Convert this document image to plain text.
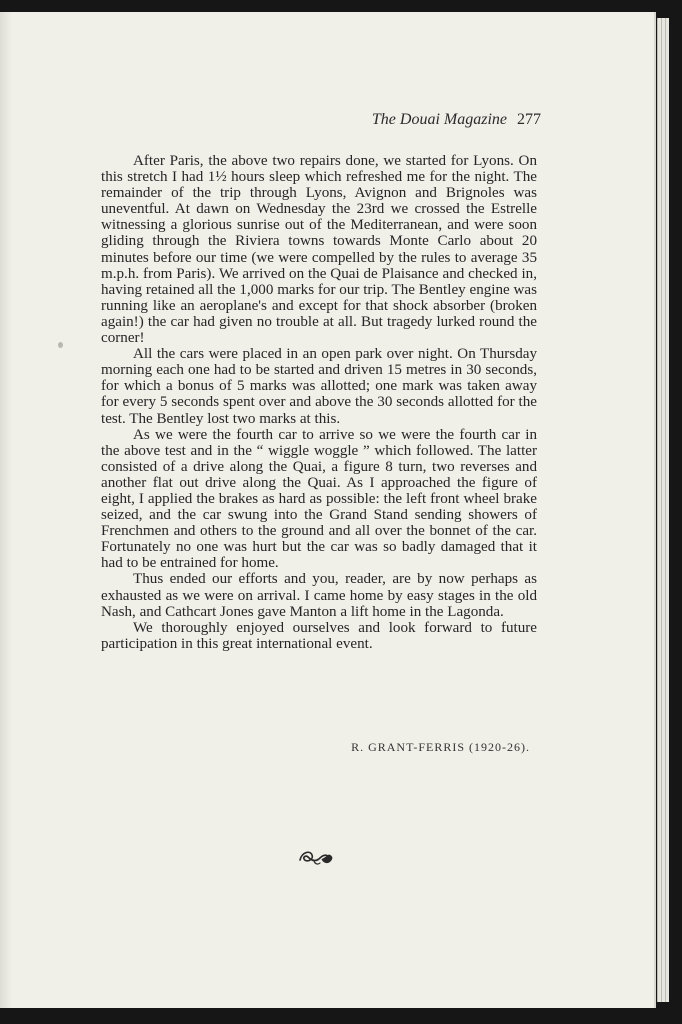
The Douai Magazine 277

After Paris, the above two repairs done, we started for Lyons. On this stretch I had 1½ hours sleep which refreshed me for the night. The remainder of the trip through Lyons, Avignon and Brignoles was uneventful. At dawn on Wednesday the 23rd we crossed the Estrelle witnessing a glorious sunrise out of the Mediterranean, and were soon gliding through the Riviera towns towards Monte Carlo about 20 minutes before our time (we were compelled by the rules to average 35 m.p.h. from Paris). We arrived on the Quai de Plaisance and checked in, having retained all the 1,000 marks for our trip. The Bentley engine was running like an aeroplane's and except for that shock absorber (broken again!) the car had given no trouble at all. But tragedy lurked round the corner!

All the cars were placed in an open park over night. On Thursday morning each one had to be started and driven 15 metres in 30 seconds, for which a bonus of 5 marks was allotted; one mark was taken away for every 5 seconds spent over and above the 30 seconds allotted for the test. The Bentley lost two marks at this.

As we were the fourth car to arrive so we were the fourth car in the above test and in the “ wiggle woggle ” which followed. The latter consisted of a drive along the Quai, a figure 8 turn, two reverses and another flat out drive along the Quai. As I approached the figure of eight, I applied the brakes as hard as possible: the left front wheel brake seized, and the car swung into the Grand Stand sending showers of Frenchmen and others to the ground and all over the bonnet of the car. Fortunately no one was hurt but the car was so badly damaged that it had to be entrained for home.

Thus ended our efforts and you, reader, are by now perhaps as exhausted as we were on arrival. I came home by easy stages in the old Nash, and Cathcart Jones gave Manton a lift home in the Lagonda.

We thoroughly enjoyed ourselves and look forward to future participation in this great international event.

R. GRANT-FERRIS (1920-26).
